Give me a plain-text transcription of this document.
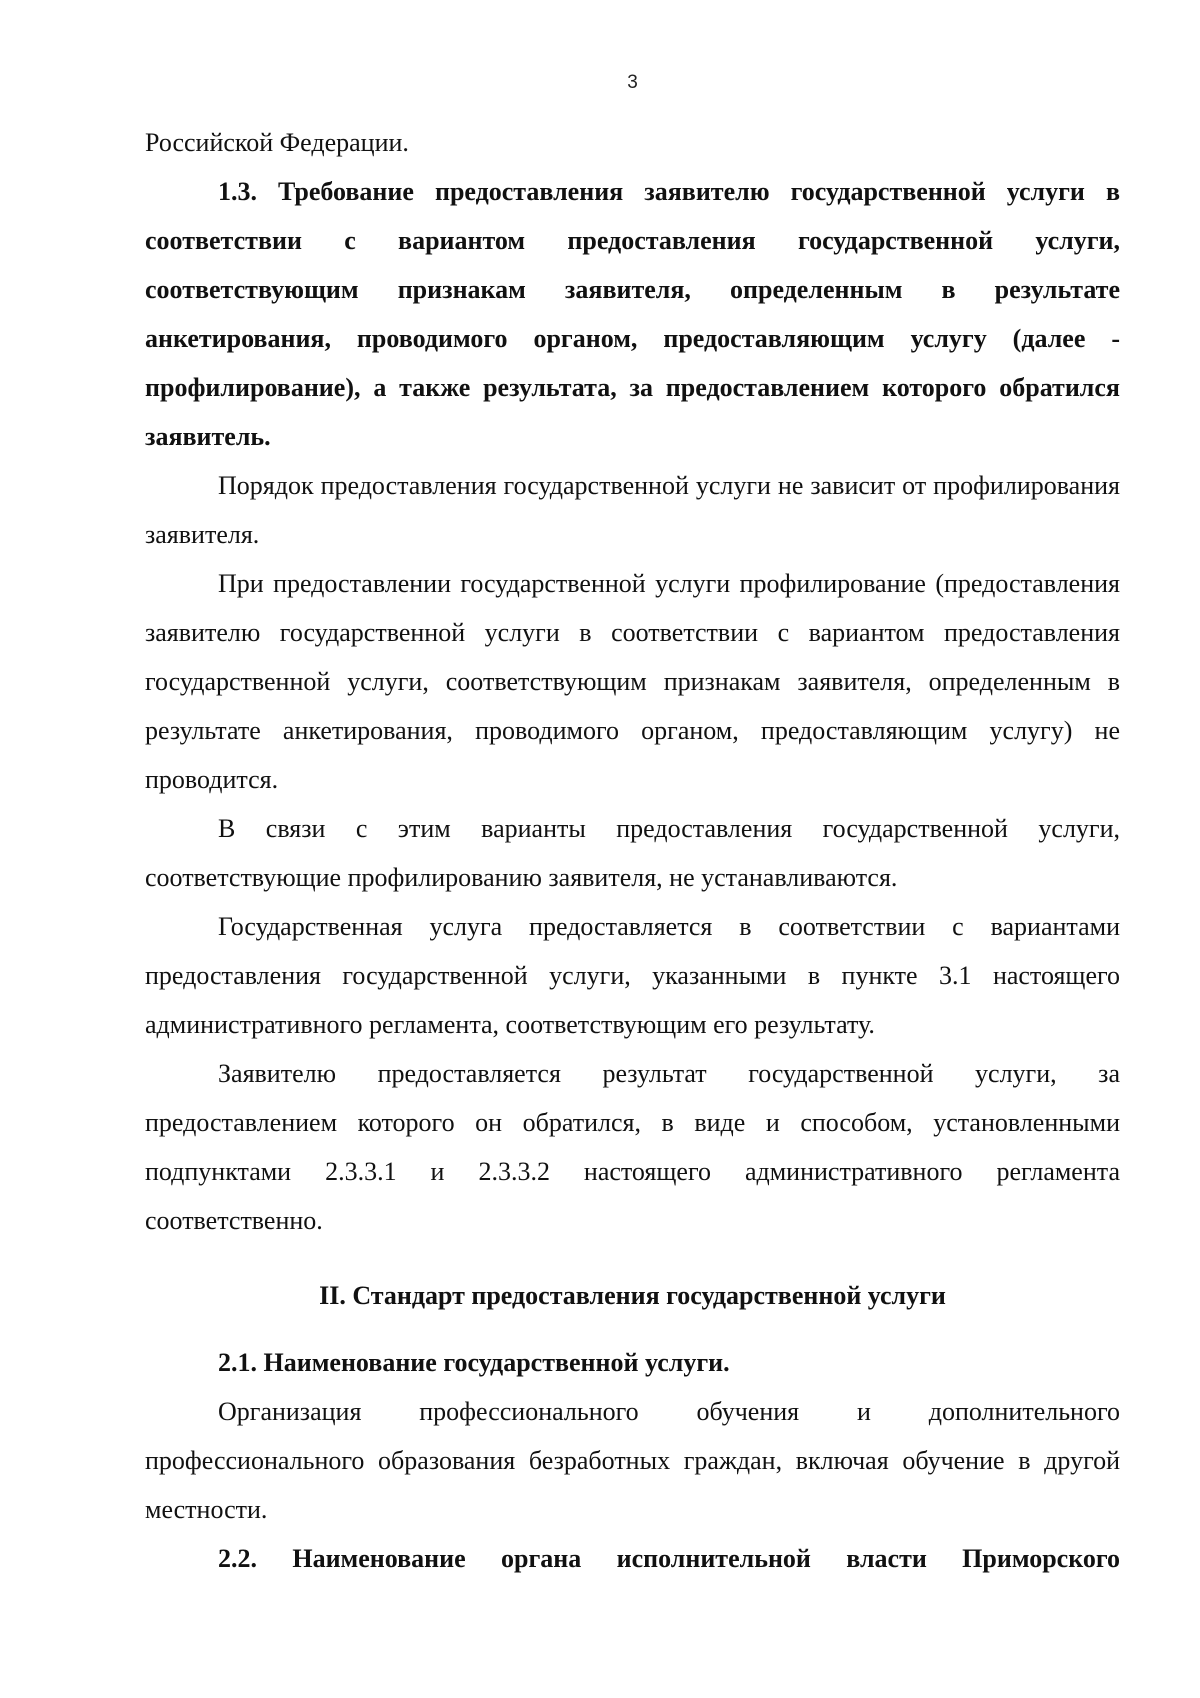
3

Российской Федерации.

1.3. Требование предоставления заявителю государственной услуги в соответствии с вариантом предоставления государственной услуги, соответствующим признакам заявителя, определенным в результате анкетирования, проводимого органом, предоставляющим услугу (далее - профилирование), а также результата, за предоставлением которого обратился заявитель.

Порядок предоставления государственной услуги не зависит от профилирования заявителя.

При предоставлении государственной услуги профилирование (предоставления заявителю государственной услуги в соответствии с вариантом предоставления государственной услуги, соответствующим признакам заявителя, определенным в результате анкетирования, проводимого органом, предоставляющим услугу) не проводится.

В связи с этим варианты предоставления государственной услуги, соответствующие профилированию заявителя, не устанавливаются.

Государственная услуга предоставляется в соответствии с вариантами предоставления государственной услуги, указанными в пункте 3.1 настоящего административного регламента, соответствующим его результату.

Заявителю предоставляется результат государственной услуги, за предоставлением которого он обратился, в виде и способом, установленными подпунктами 2.3.3.1 и 2.3.3.2 настоящего административного регламента соответственно.

II. Стандарт предоставления государственной услуги

2.1. Наименование государственной услуги.

Организация профессионального обучения и дополнительного профессионального образования безработных граждан, включая обучение в другой местности.

2.2. Наименование органа исполнительной власти Приморского
